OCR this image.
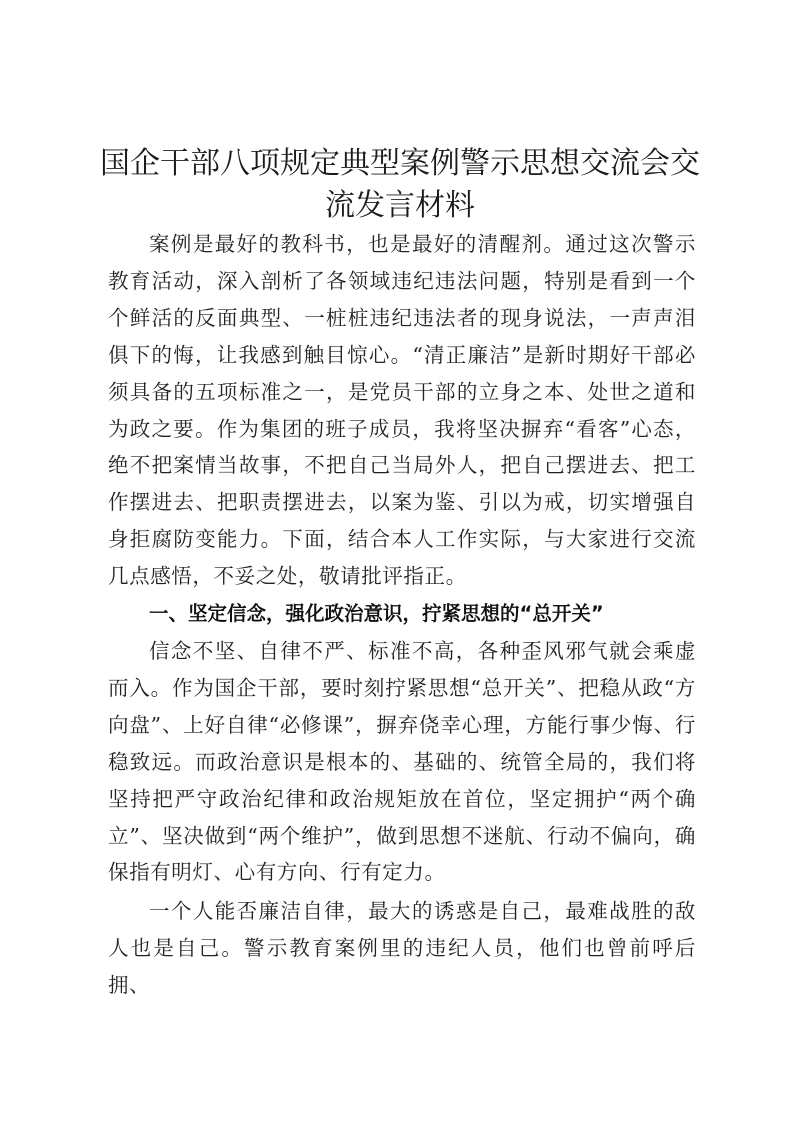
国企干部八项规定典型案例警示思想交流会交流发言材料

案例是最好的教科书，也是最好的清醒剂。通过这次警示教育活动，深入剖析了各领域违纪违法问题，特别是看到一个个鲜活的反面典型、一桩桩违纪违法者的现身说法，一声声泪俱下的悔，让我感到触目惊心。“清正廉洁”是新时期好干部必须具备的五项标准之一，是党员干部的立身之本、处世之道和为政之要。作为集团的班子成员，我将坚决摒弃“看客”心态，绝不把案情当故事，不把自己当局外人，把自己摆进去、把工作摆进去、把职责摆进去，以案为鉴、引以为戒，切实增强自身拒腐防变能力。下面，结合本人工作实际，与大家进行交流几点感悟，不妥之处，敬请批评指正。

一、坚定信念，强化政治意识，拧紧思想的“总开关”

信念不坚、自律不严、标准不高，各种歪风邪气就会乘虚而入。作为国企干部，要时刻拧紧思想“总开关”、把稳从政“方向盘”、上好自律“必修课”，摒弃侥幸心理，方能行事少悔、行稳致远。而政治意识是根本的、基础的、统管全局的，我们将坚持把严守政治纪律和政治规矩放在首位，坚定拥护“两个确立”、坚决做到“两个维护”，做到思想不迷航、行动不偏向，确保指有明灯、心有方向、行有定力。

一个人能否廉洁自律，最大的诱惑是自己，最难战胜的敌人也是自己。警示教育案例里的违纪人员，他们也曾前呼后拥、
